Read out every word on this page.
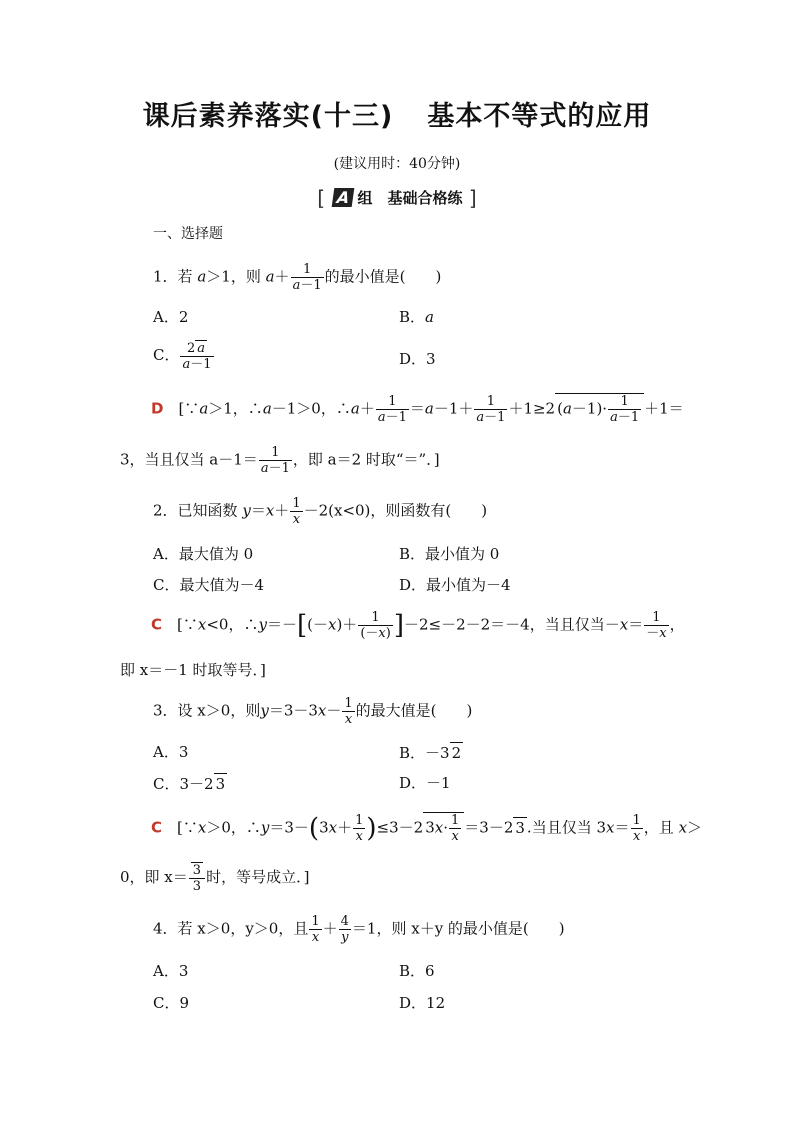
课后素养落实(十三) 基本不等式的应用
(建议用时：40分钟)
[ A 组　基础合格练 ]
一、选择题
1．若 a＞1，则 $a+ \frac{1}{a-1}$ 的最小值是(　　)
A．2	B．a
C． $\frac{2 a}{a-1}$	D．3
D　[∵a＞1，∴a－1＞0，∴a＋ $\frac{1}{a-1} =a-1+ \frac{1}{a-1} +1\ge 2$ $(a-1)\cdot \frac{1}{a-1} +1=$
3，当且仅当 $a-1= \frac{1}{a-1}$ ，即 a＝2 时取“＝”．]
2．已知函数 $y=x+ \frac{1}{x} -2(x<0)$，则函数有(　　)
A．最大值为 0	B．最小值为 0
C．最大值为－4	D．最小值为－4
C　[∵x<0，∴y＝－[(－x)＋ $\frac{1}{(-x)} ]-2\le-2-2=-4$，当且仅当$-x= \frac{1}{-x}$ ，
即 x＝－1 时取等号．]
3．设 x＞0，则$y=3-3x- \frac{1}{x}$ 的最大值是(　　)
A．3	B．－3 2
C．3－2 3	D．－1
C　[∵x＞0，∴y＝3－(3x＋ $\frac{1}{x} )\le 3-2$ $3x\cdot \frac{1}{x} =3-2$ 3 .当且仅当 $3x= \frac{1}{x}$ ，且 x＞
0，即 $x= \frac{3}{3}$ 时，等号成立．]
4．若 x＞0，y＞0，且 $\frac{1}{x} + \frac{4}{y} =1$，则 x＋y 的最小值是(　　)
A．3	B．6
C．9	D．12
